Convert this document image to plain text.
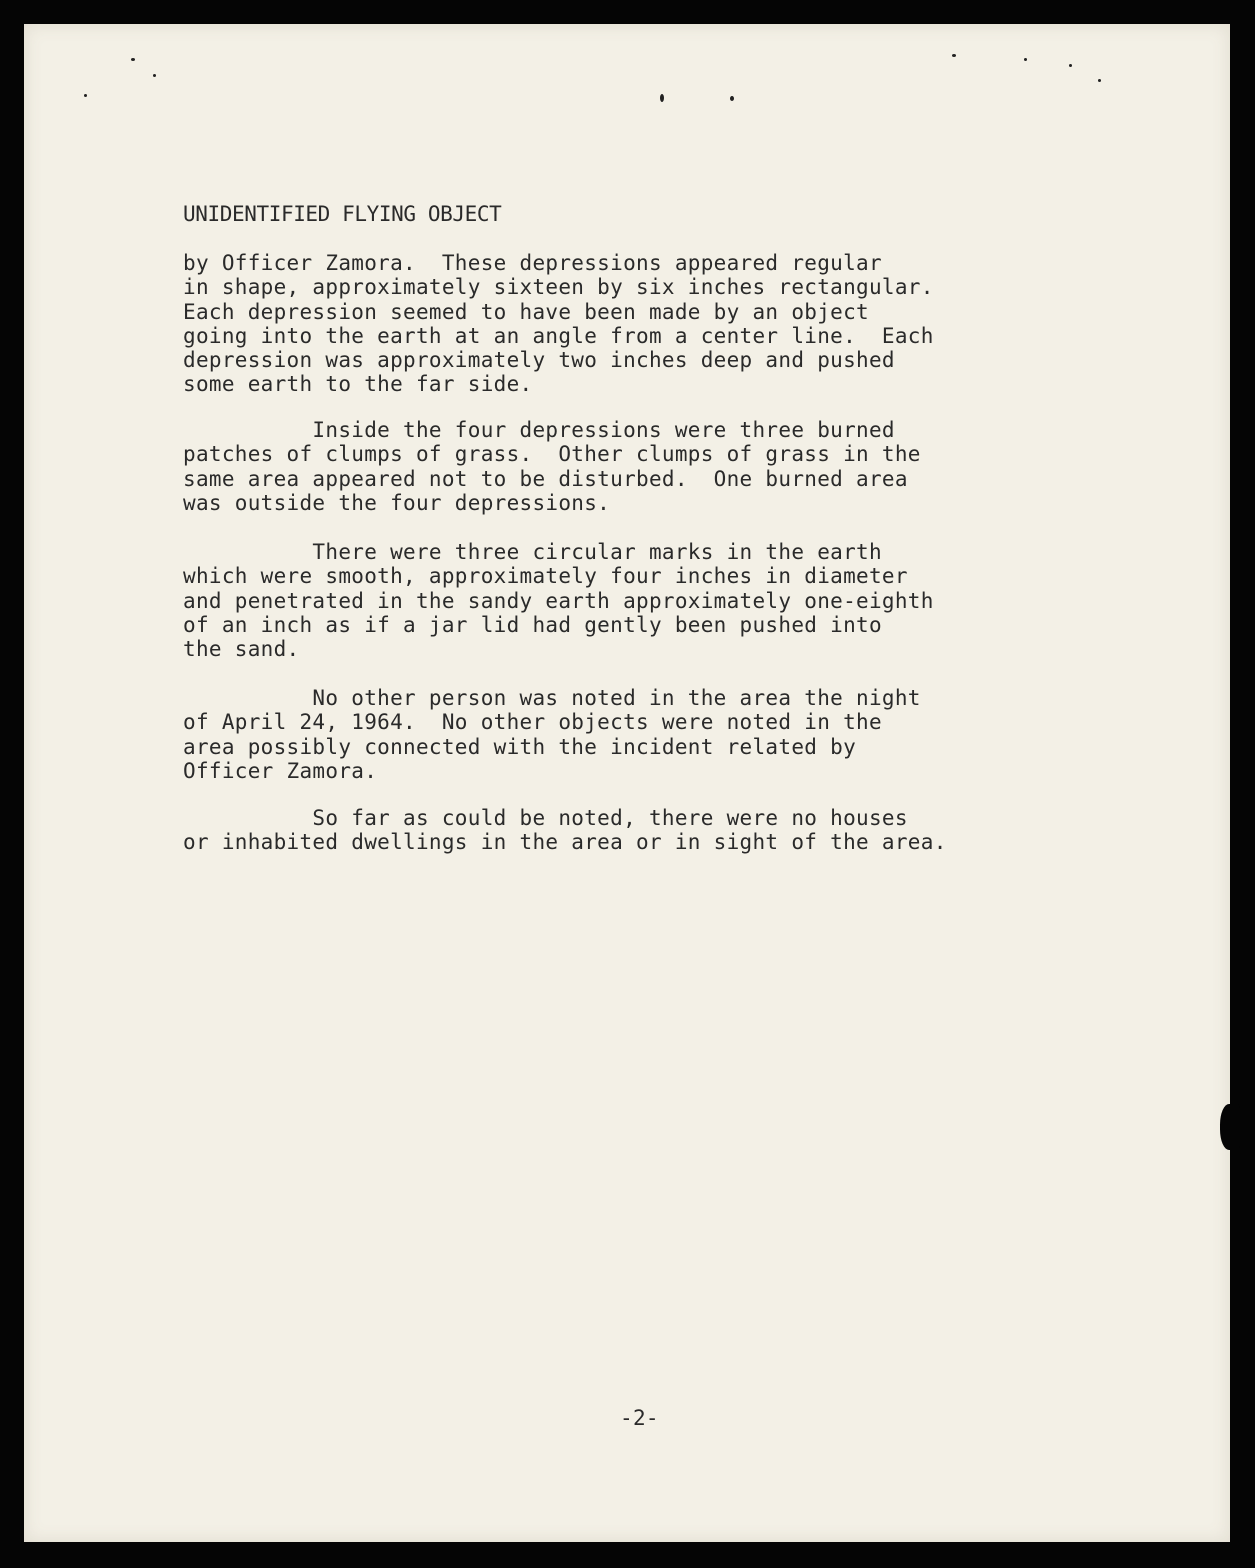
UNIDENTIFIED FLYING OBJECT

by Officer Zamora.  These depressions appeared regular
in shape, approximately sixteen by six inches rectangular.
Each depression seemed to have been made by an object
going into the earth at an angle from a center line.  Each
depression was approximately two inches deep and pushed
some earth to the far side.

Inside the four depressions were three burned
patches of clumps of grass.  Other clumps of grass in the
same area appeared not to be disturbed.  One burned area
was outside the four depressions.

There were three circular marks in the earth
which were smooth, approximately four inches in diameter
and penetrated in the sandy earth approximately one-eighth
of an inch as if a jar lid had gently been pushed into
the sand.

No other person was noted in the area the night
of April 24, 1964.  No other objects were noted in the
area possibly connected with the incident related by
Officer Zamora.

So far as could be noted, there were no houses
or inhabited dwellings in the area or in sight of the area.

-2-
